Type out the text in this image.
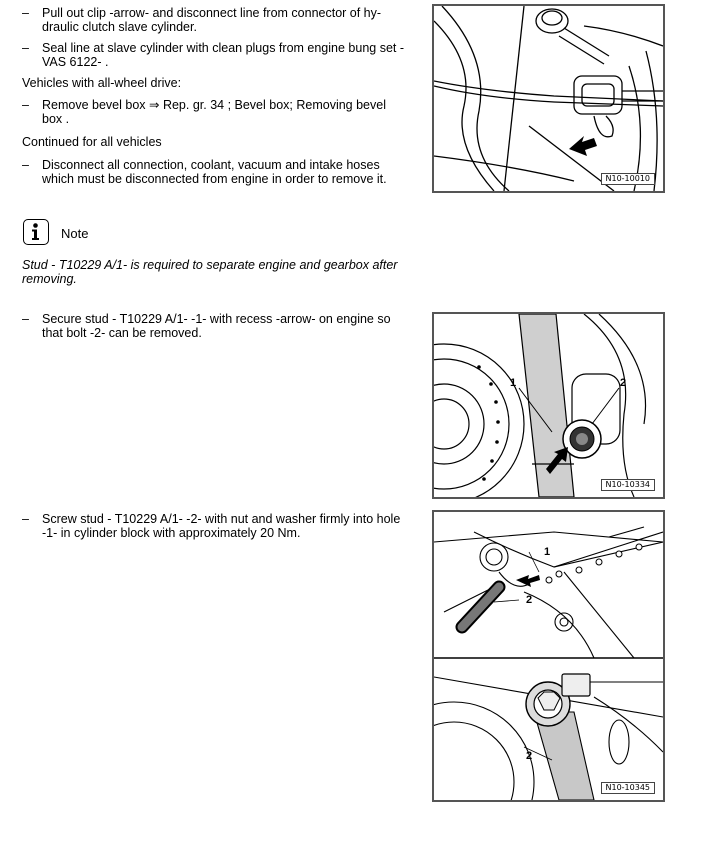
– Pull out clip -arrow- and disconnect line from connector of hy-draulic clutch slave cylinder.
– Seal line at slave cylinder with clean plugs from engine bung set - VAS 6122- .
Vehicles with all-wheel drive:
– Remove bevel box ⇒ Rep. gr. 34 ; Bevel box; Removing bevel box .
Continued for all vehicles
– Disconnect all connection, coolant, vacuum and intake hoses which must be disconnected from engine in order to remove it.
Note
Stud - T10229 A/1- is required to separate engine and gearbox after removing.
– Secure stud - T10229 A/1- -1- with recess -arrow- on engine so that bolt -2- can be removed.
– Screw stud - T10229 A/1- -2- with nut and washer firmly into hole -1- in cylinder block with approximately 20 Nm.
N10-10010
1	2
N10-10334
1
2
2
N10-10345
